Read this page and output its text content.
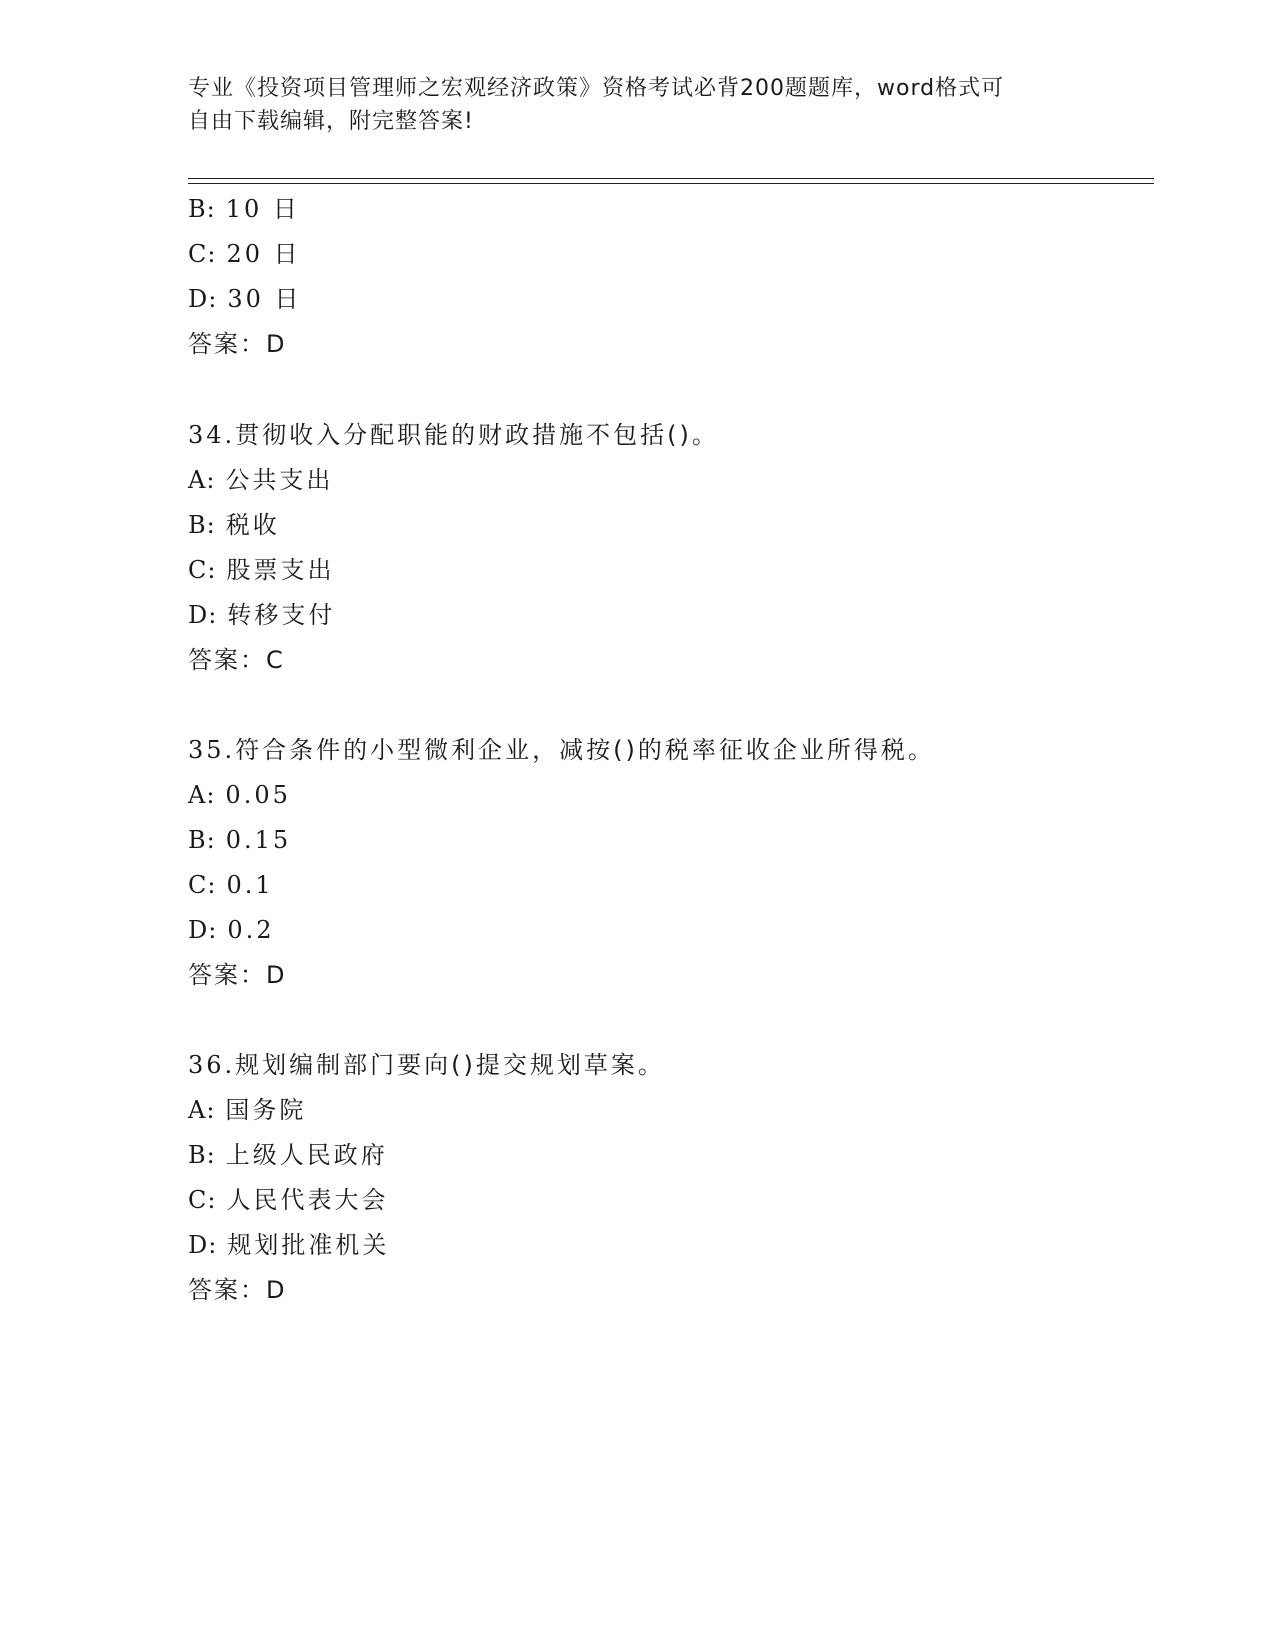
专业《投资项目管理师之宏观经济政策》资格考试必背200题题库，word格式可
自由下载编辑，附完整答案!
B: 10 日
C: 20 日
D: 30 日
答案：D
34.贯彻收入分配职能的财政措施不包括()。
A: 公共支出
B: 税收
C: 股票支出
D: 转移支付
答案：C
35.符合条件的小型微利企业，减按()的税率征收企业所得税。
A: 0.05
B: 0.15
C: 0.1
D: 0.2
答案：D
36.规划编制部门要向()提交规划草案。
A: 国务院
B: 上级人民政府
C: 人民代表大会
D: 规划批准机关
答案：D
